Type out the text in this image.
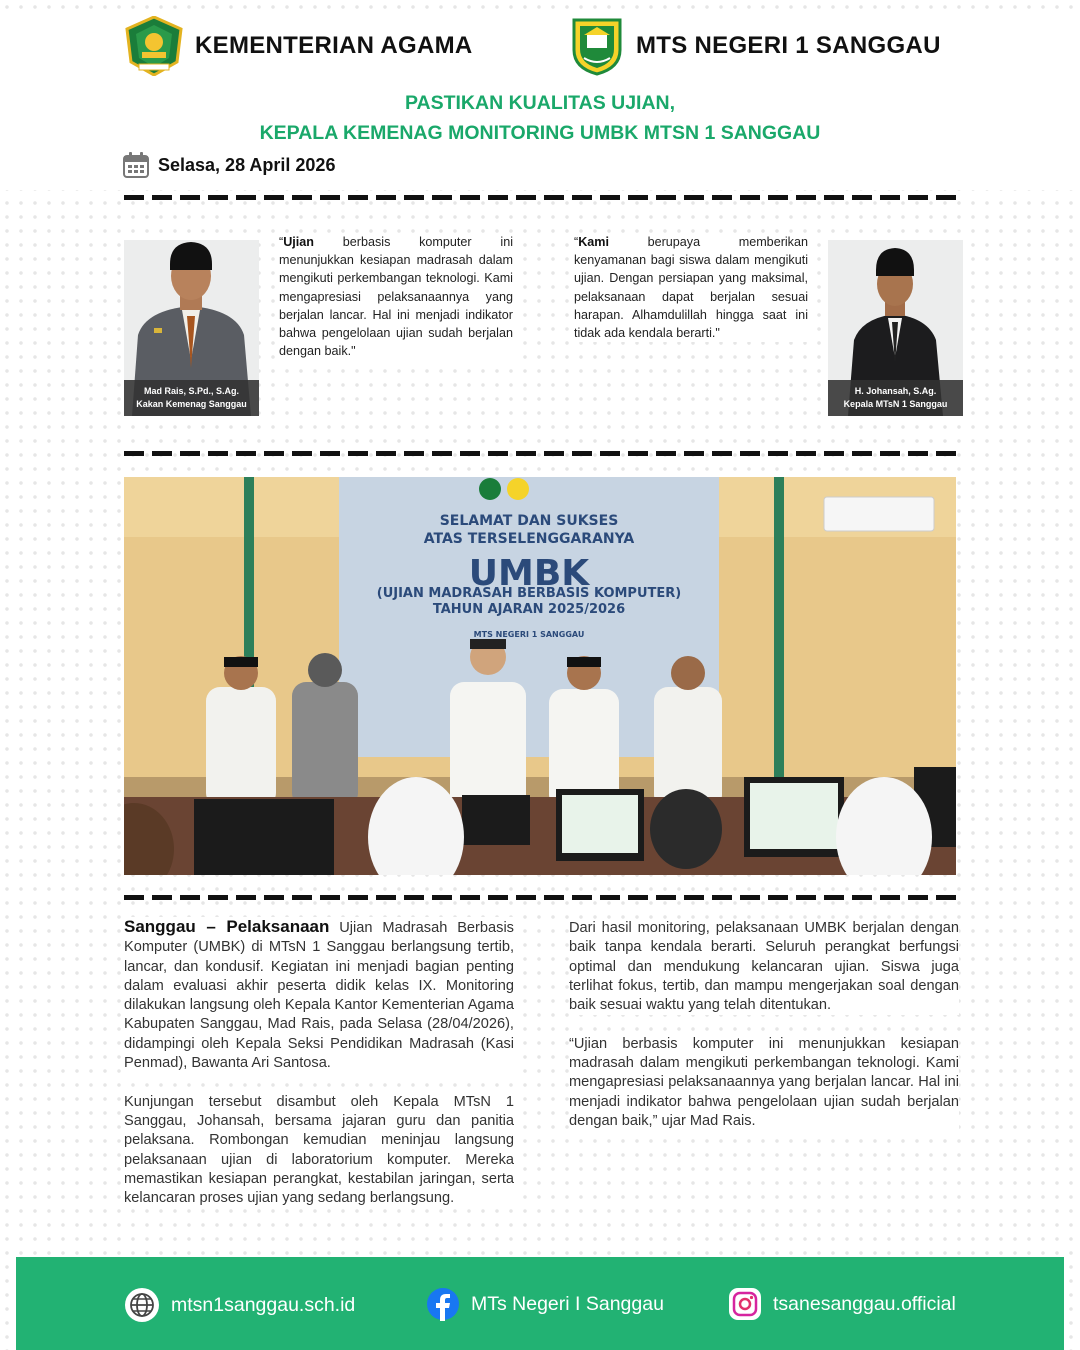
KEMENTERIAN AGAMA	MTS NEGERI 1 SANGGAU
PASTIKAN KUALITAS UJIAN,
KEPALA KEMENAG MONITORING UMBK MTSN 1 SANGGAU
Selasa, 28 April 2026
Mad Rais, S.Pd., S.Ag.
Kakan Kemenag Sanggau
“Ujian berbasis komputer ini menunjukkan kesiapan madrasah dalam mengikuti perkembangan teknologi. Kami mengapresiasi pelaksanaannya yang berjalan lancar. Hal ini menjadi indikator bahwa pengelolaan ujian sudah berjalan dengan baik."
“Kami berupaya memberikan kenyamanan bagi siswa dalam mengikuti ujian. Dengan persiapan yang maksimal, pelaksanaan dapat berjalan sesuai harapan. Alhamdulillah hingga saat ini tidak ada kendala berarti."
H. Johansah, S.Ag.
Kepala MTsN 1 Sanggau
SELAMAT DAN SUKSES
ATAS TERSELENGGARANYA
UMBK
(UJIAN MADRASAH BERBASIS KOMPUTER)
TAHUN AJARAN 2025/2026
MTS NEGERI 1 SANGGAU

Sanggau – Pelaksanaan Ujian Madrasah Berbasis Komputer (UMBK) di MTsN 1 Sanggau berlangsung tertib, lancar, dan kondusif. Kegiatan ini menjadi bagian penting dalam evaluasi akhir peserta didik kelas IX. Monitoring dilakukan langsung oleh Kepala Kantor Kementerian Agama Kabupaten Sanggau, Mad Rais, pada Selasa (28/04/2026), didampingi oleh Kepala Seksi Pendidikan Madrasah (Kasi Penmad), Bawanta Ari Santosa.

Kunjungan tersebut disambut oleh Kepala MTsN 1 Sanggau, Johansah, bersama jajaran guru dan panitia pelaksana. Rombongan kemudian meninjau langsung pelaksanaan ujian di laboratorium komputer. Mereka memastikan kesiapan perangkat, kestabilan jaringan, serta kelancaran proses ujian yang sedang berlangsung.

Dari hasil monitoring, pelaksanaan UMBK berjalan dengan baik tanpa kendala berarti. Seluruh perangkat berfungsi optimal dan mendukung kelancaran ujian. Siswa juga terlihat fokus, tertib, dan mampu mengerjakan soal dengan baik sesuai waktu yang telah ditentukan.

“Ujian berbasis komputer ini menunjukkan kesiapan madrasah dalam mengikuti perkembangan teknologi. Kami mengapresiasi pelaksanaannya yang berjalan lancar. Hal ini menjadi indikator bahwa pengelolaan ujian sudah berjalan dengan baik,” ujar Mad Rais.

mtsn1sanggau.sch.id	MTs Negeri I Sanggau	tsanesanggau.official
